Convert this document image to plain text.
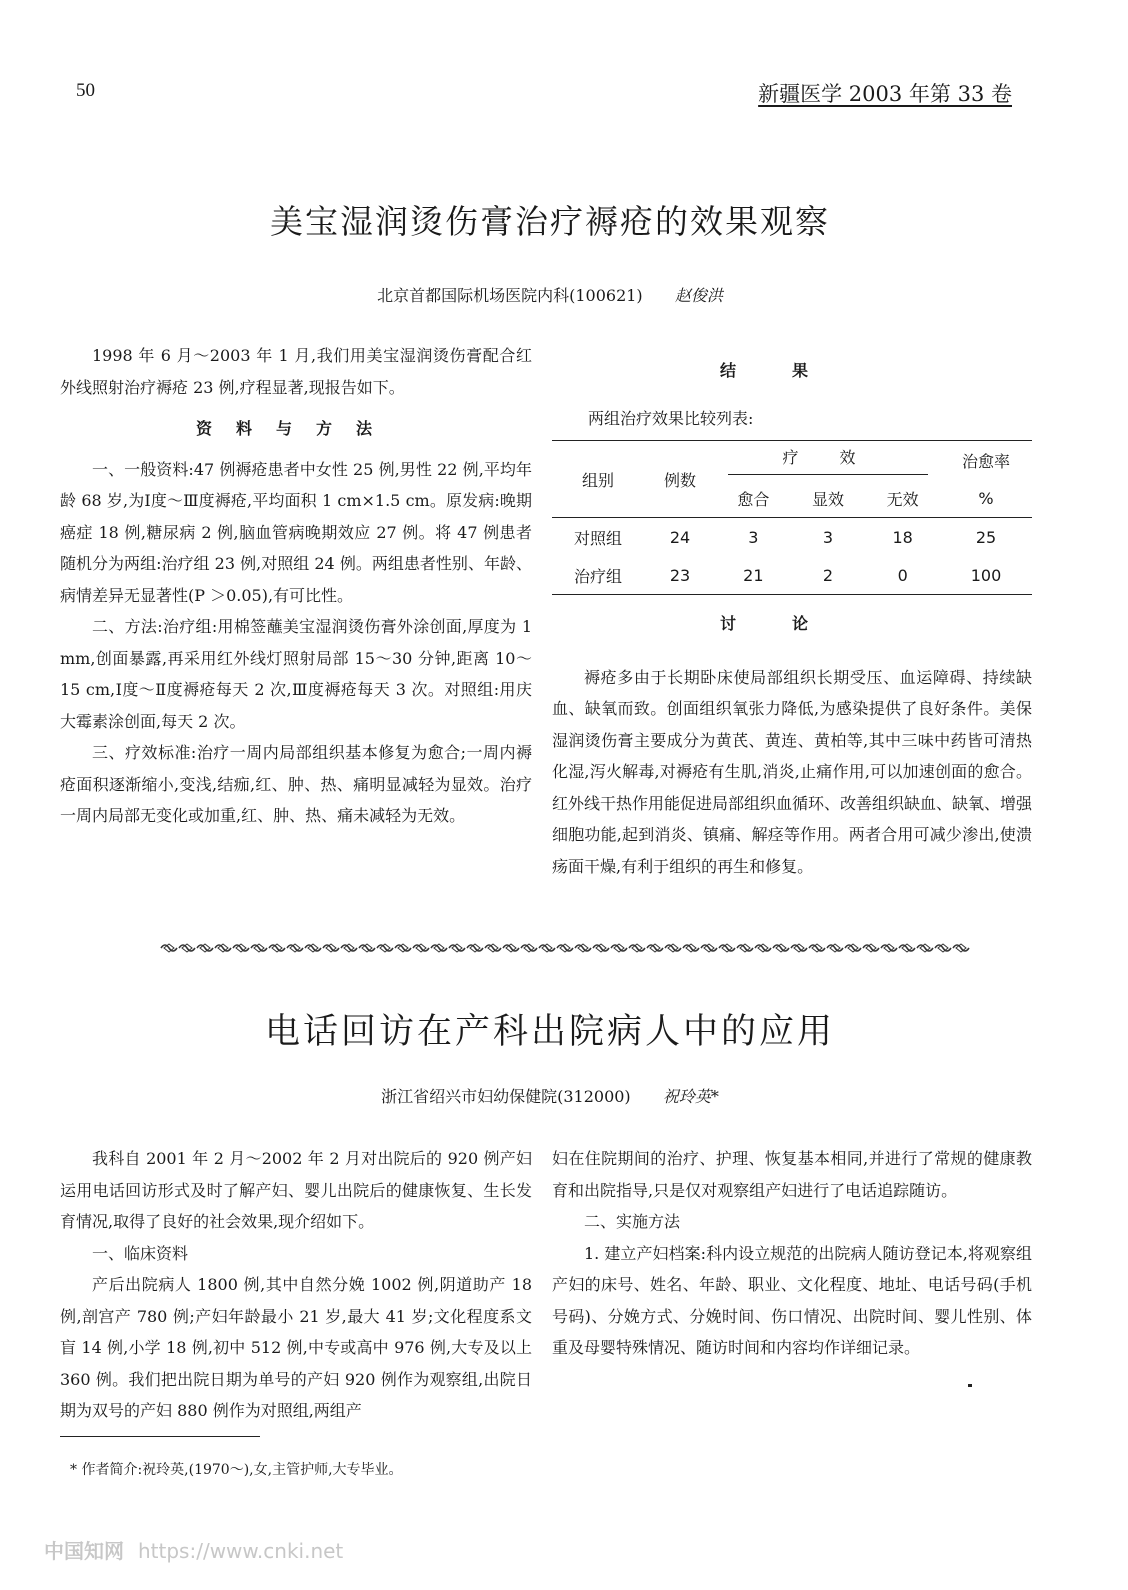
50	新疆医学 2003 年第 33 卷
美宝湿润烫伤膏治疗褥疮的效果观察
北京首都国际机场医院内科(100621) 赵俊洪

1998 年 6 月～2003 年 1 月,我们用美宝湿润烫伤膏配合红外线照射治疗褥疮 23 例,疗程显著,现报告如下。

资料与方法

一、一般资料:47 例褥疮患者中女性 25 例,男性 22 例,平均年龄 68 岁,为Ⅰ度～Ⅲ度褥疮,平均面积 1 cm×1.5 cm。原发病:晚期癌症 18 例,糖尿病 2 例,脑血管病晚期效应 27 例。将 47 例患者随机分为两组:治疗组 23 例,对照组 24 例。两组患者性别、年龄、病情差异无显著性(P ＞0.05),有可比性。

二、方法:治疗组:用棉签蘸美宝湿润烫伤膏外涂创面,厚度为 1 mm,创面暴露,再采用红外线灯照射局部 15～30 分钟,距离 10～15 cm,Ⅰ度～Ⅱ度褥疮每天 2 次,Ⅲ度褥疮每天 3 次。对照组:用庆大霉素涂创面,每天 2 次。

三、疗效标准:治疗一周内局部组织基本修复为愈合;一周内褥疮面积逐渐缩小,变浅,结痂,红、肿、热、痛明显减轻为显效。治疗一周内局部无变化或加重,红、肿、热、痛未减轻为无效。

结果
两组治疗效果比较列表:
组别	例数	疗 效			治愈率
		愈合	显效	无效	%
对照组	24	3	3	18	25
治疗组	23	21	2	0	100
讨论

褥疮多由于长期卧床使局部组织长期受压、血运障碍、持续缺血、缺氧而致。创面组织氧张力降低,为感染提供了良好条件。美保湿润烫伤膏主要成分为黄芪、黄连、黄柏等,其中三味中药皆可清热化湿,泻火解毒,对褥疮有生肌,消炎,止痛作用,可以加速创面的愈合。红外线干热作用能促进局部组织血循环、改善组织缺血、缺氧、增强细胞功能,起到消炎、镇痛、解痉等作用。两者合用可减少渗出,使溃疡面干燥,有利于组织的再生和修复。

电话回访在产科出院病人中的应用
浙江省绍兴市妇幼保健院(312000) 祝玲英*

我科自 2001 年 2 月～2002 年 2 月对出院后的 920 例产妇运用电话回访形式及时了解产妇、婴儿出院后的健康恢复、生长发育情况,取得了良好的社会效果,现介绍如下。

一、临床资料

产后出院病人 1800 例,其中自然分娩 1002 例,阴道助产 18 例,剖宫产 780 例;产妇年龄最小 21 岁,最大 41 岁;文化程度系文盲 14 例,小学 18 例,初中 512 例,中专或高中 976 例,大专及以上 360 例。我们把出院日期为单号的产妇 920 例作为观察组,出院日期为双号的产妇 880 例作为对照组,两组产

妇在住院期间的治疗、护理、恢复基本相同,并进行了常规的健康教育和出院指导,只是仅对观察组产妇进行了电话追踪随访。

二、实施方法

1. 建立产妇档案:科内设立规范的出院病人随访登记本,将观察组产妇的床号、姓名、年龄、职业、文化程度、地址、电话号码(手机号码)、分娩方式、分娩时间、伤口情况、出院时间、婴儿性别、体重及母婴特殊情况、随访时间和内容均作详细记录。

* 作者简介:祝玲英,(1970～),女,主管护师,大专毕业。
中国知网 https://www.cnki.net
